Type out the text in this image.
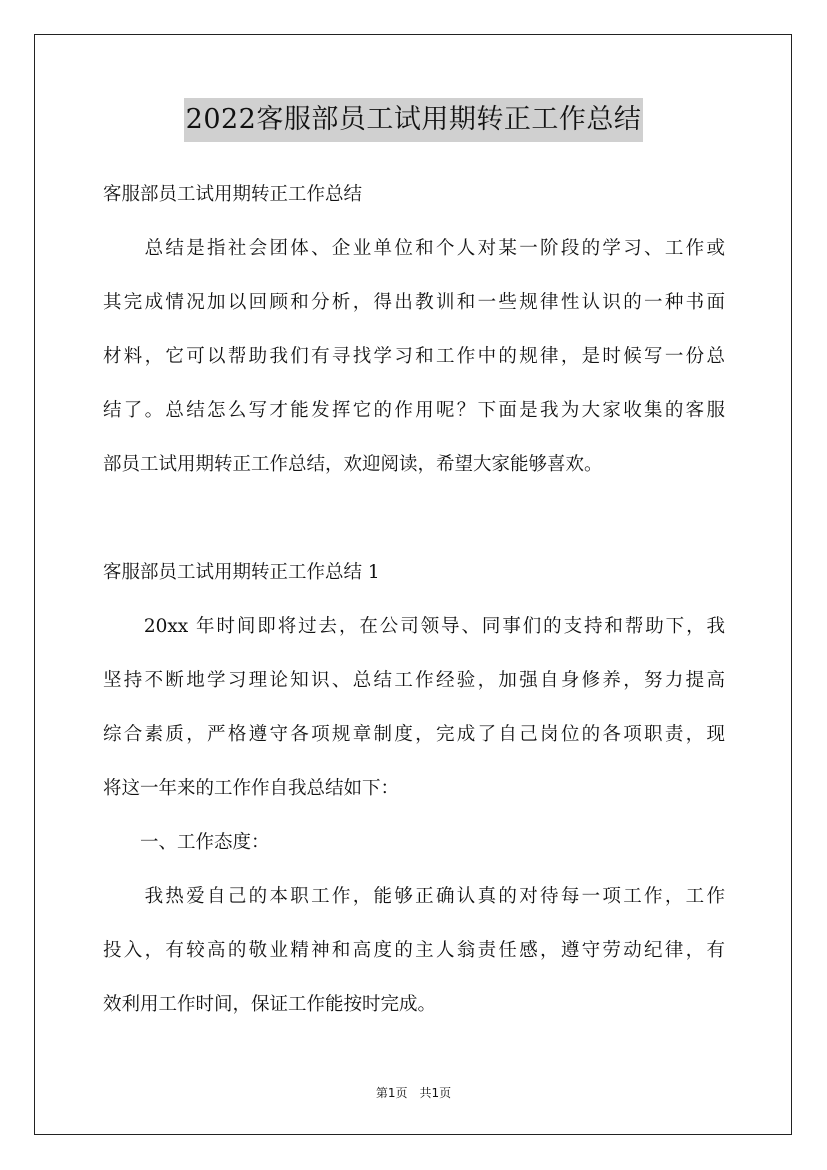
2022客服部员工试用期转正工作总结
客服部员工试用期转正工作总结
　　总结是指社会团体、企业单位和个人对某一阶段的学习、工作或
其完成情况加以回顾和分析，得出教训和一些规律性认识的一种书面
材料，它可以帮助我们有寻找学习和工作中的规律，是时候写一份总
结了。总结怎么写才能发挥它的作用呢？下面是我为大家收集的客服
部员工试用期转正工作总结，欢迎阅读，希望大家能够喜欢。
客服部员工试用期转正工作总结 1
　　20xx 年时间即将过去，在公司领导、同事们的支持和帮助下，我
坚持不断地学习理论知识、总结工作经验，加强自身修养，努力提高
综合素质，严格遵守各项规章制度，完成了自己岗位的各项职责，现
将这一年来的工作作自我总结如下：
　　一、工作态度：
　　我热爱自己的本职工作，能够正确认真的对待每一项工作，工作
投入，有较高的敬业精神和高度的主人翁责任感，遵守劳动纪律，有
效利用工作时间，保证工作能按时完成。
第1页　共1页
